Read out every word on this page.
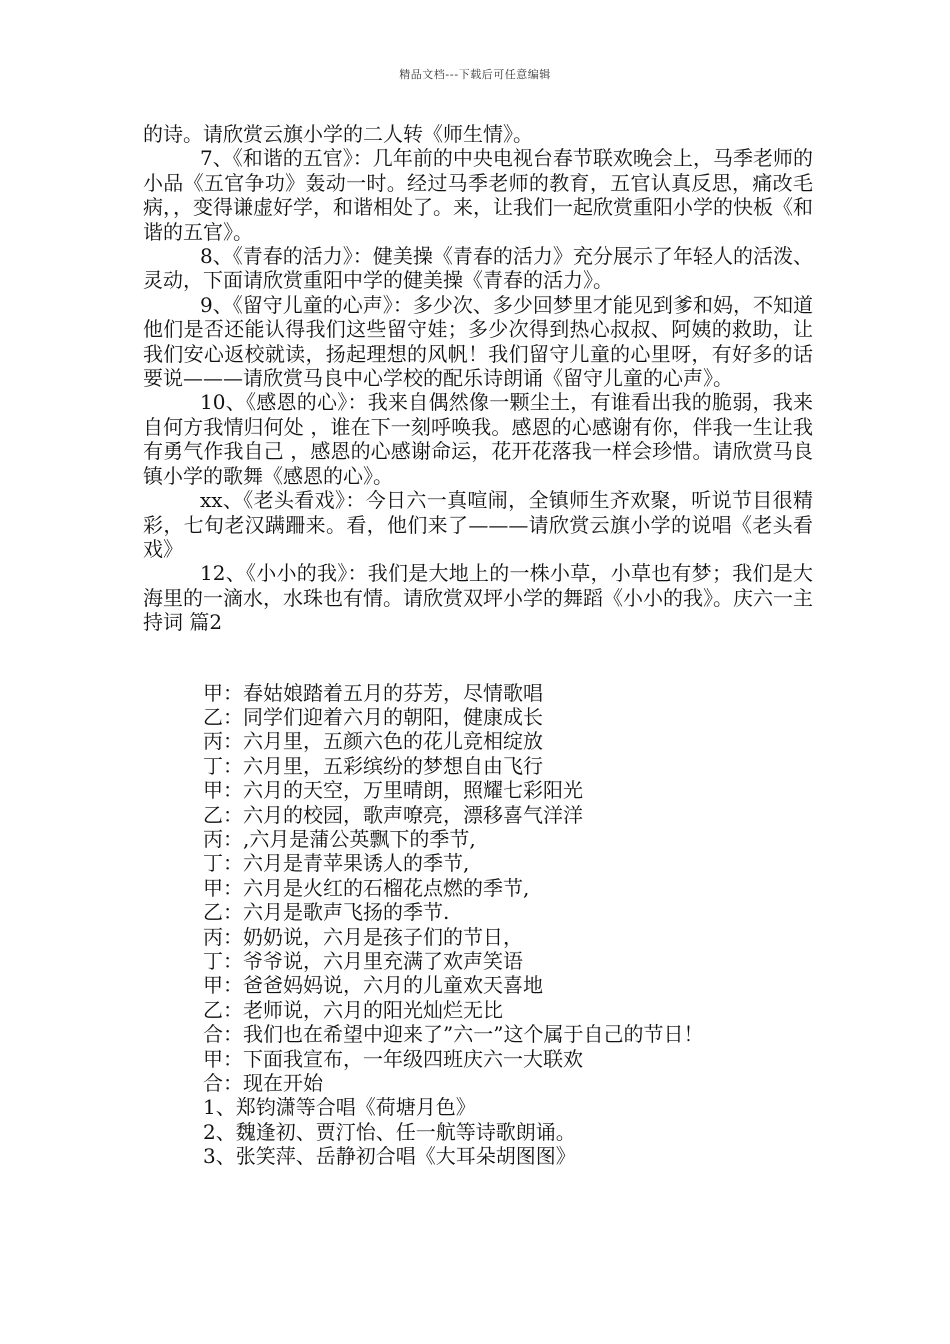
精品文档---下载后可任意编辑

的诗。请欣赏云旗小学的二人转《师生情》。

7、《和谐的五官》：几年前的中央电视台春节联欢晚会上，马季老师的小品《五官争功》轰动一时。经过马季老师的教育，五官认真反思，痛改毛病，，变得谦虚好学，和谐相处了。来，让我们一起欣赏重阳小学的快板《和谐的五官》。

8、《青春的活力》：健美操《青春的活力》充分展示了年轻人的活泼、灵动，下面请欣赏重阳中学的健美操《青春的活力》。

9、《留守儿童的心声》：多少次、多少回梦里才能见到爹和妈，不知道他们是否还能认得我们这些留守娃；多少次得到热心叔叔、阿姨的救助，让我们安心返校就读，扬起理想的风帆！我们留守儿童的心里呀，有好多的话要说———请欣赏马良中心学校的配乐诗朗诵《留守儿童的心声》。

10、《感恩的心》：我来自偶然像一颗尘土，有谁看出我的脆弱，我来自何方我情归何处 ，谁在下一刻呼唤我。感恩的心感谢有你，伴我一生让我有勇气作我自己 ，感恩的心感谢命运，花开花落我一样会珍惜。请欣赏马良镇小学的歌舞《感恩的心》。

xx、《老头看戏》：今日六一真喧闹，全镇师生齐欢聚，听说节目很精彩，七旬老汉蹒跚来。看，他们来了———请欣赏云旗小学的说唱《老头看戏》

12、《小小的我》：我们是大地上的一株小草，小草也有梦；我们是大海里的一滴水，水珠也有情。请欣赏双坪小学的舞蹈《小小的我》。庆六一主持词 篇2

甲：春姑娘踏着五月的芬芳，尽情歌唱

乙：同学们迎着六月的朝阳，健康成长

丙：六月里，五颜六色的花儿竞相绽放

丁：六月里，五彩缤纷的梦想自由飞行

甲：六月的天空，万里晴朗，照耀七彩阳光

乙：六月的校园，歌声嘹亮，漂移喜气洋洋

丙：,六月是蒲公英飘下的季节,

丁：六月是青苹果诱人的季节,

甲：六月是火红的石榴花点燃的季节,

乙：六月是歌声飞扬的季节.

丙：奶奶说，六月是孩子们的节日，

丁：爷爷说，六月里充满了欢声笑语

甲：爸爸妈妈说，六月的儿童欢天喜地

乙：老师说，六月的阳光灿烂无比

合：我们也在希望中迎来了”六一”这个属于自己的节日！

甲：下面我宣布，一年级四班庆六一大联欢

合：现在开始

1、郑钧潇等合唱《荷塘月色》

2、魏逢初、贾汀怡、任一航等诗歌朗诵。

3、张笑萍、岳静初合唱《大耳朵胡图图》
